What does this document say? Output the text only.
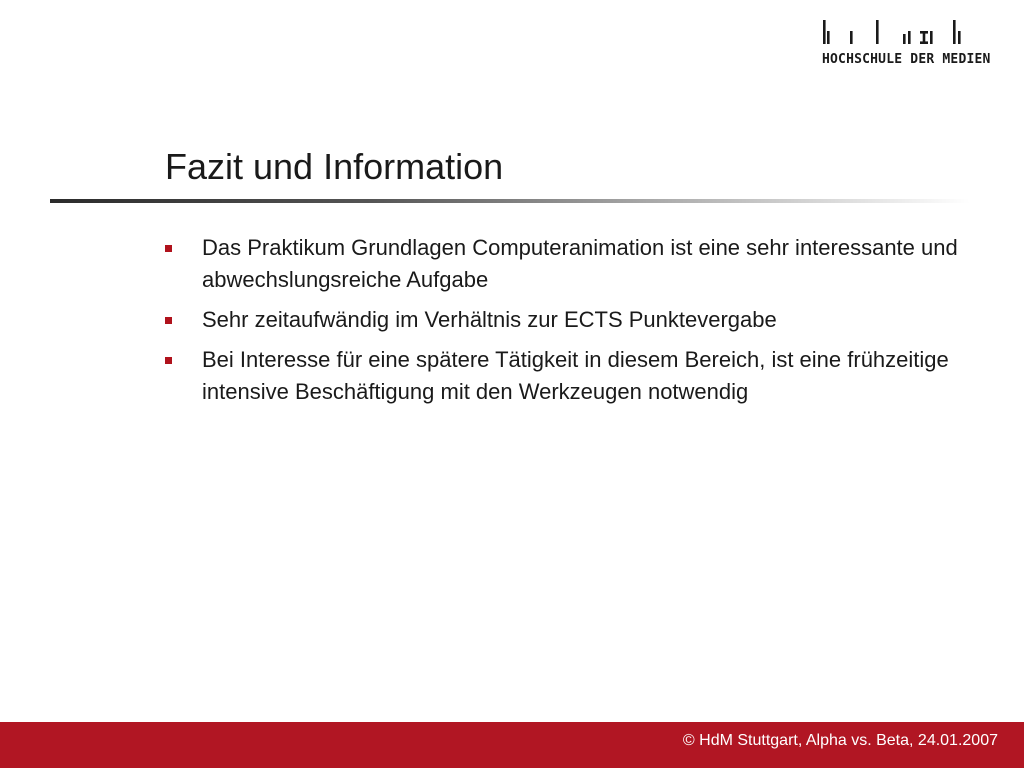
HOCHSCHULE DER MEDIEN
Fazit und Information
Das Praktikum Grundlagen Computeranimation ist eine sehr interessante und abwechslungsreiche Aufgabe
Sehr zeitaufwändig im Verhältnis zur ECTS Punktevergabe
Bei Interesse für eine spätere Tätigkeit in diesem Bereich, ist eine frühzeitige intensive Beschäftigung mit den Werkzeugen notwendig
© HdM Stuttgart, Alpha vs. Beta, 24.01.2007
